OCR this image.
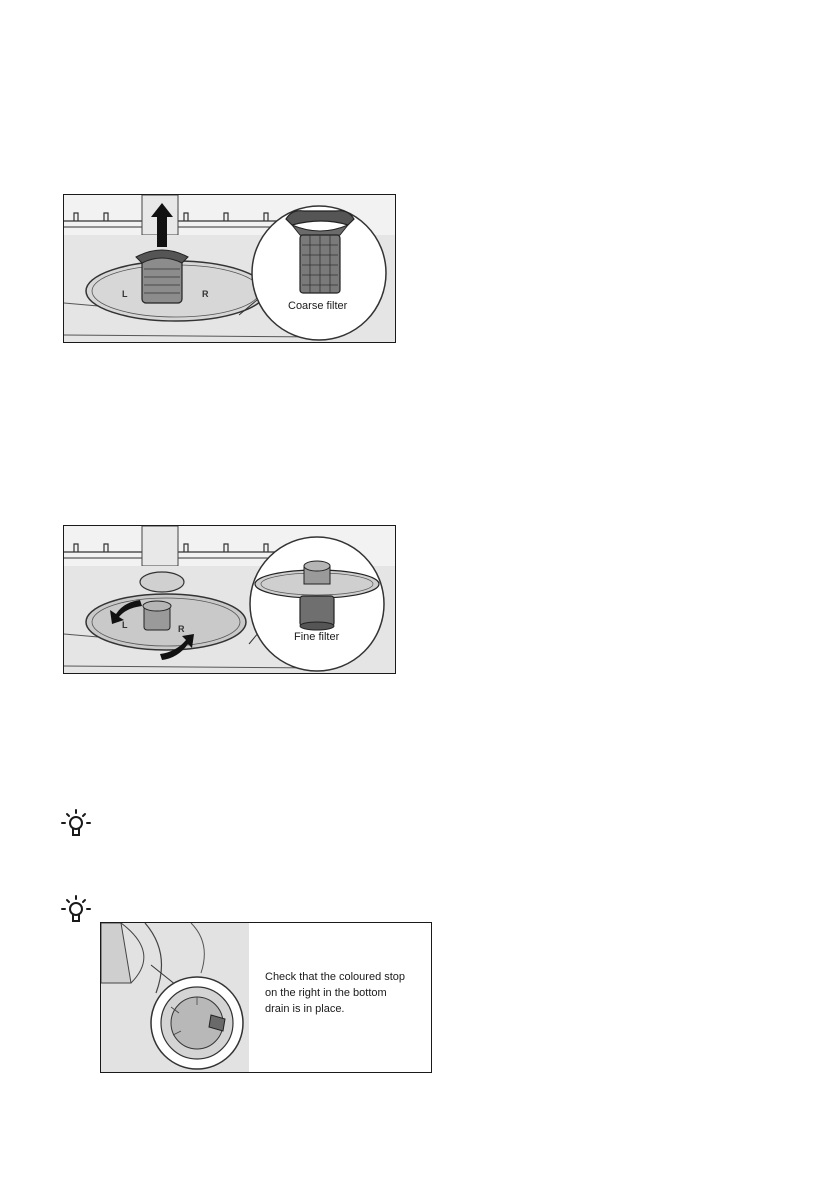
L	R
Coarse filter
L	R
Fine filter
Check that the coloured stop
on the right in the bottom
drain is in place.
